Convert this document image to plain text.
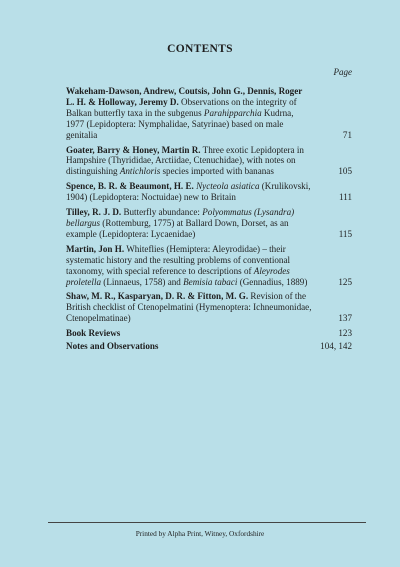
CONTENTS
Page
Wakeham-Dawson, Andrew, Coutsis, John G., Dennis, Roger L. H. & Holloway, Jeremy D. Observations on the integrity of Balkan butterfly taxa in the subgenus Parahipparchia Kudrna, 1977 (Lepidoptera: Nymphalidae, Satyrinae) based on male genitalia	71
Goater, Barry & Honey, Martin R. Three exotic Lepidoptera in Hampshire (Thyrididae, Arctiidae, Ctenuchidae), with notes on distinguishing Antichloris species imported with bananas	105
Spence, B. R. & Beaumont, H. E. Nycteola asiatica (Krulikovski, 1904) (Lepidoptera: Noctuidae) new to Britain	111
Tilley, R. J. D. Butterfly abundance: Polyommatus (Lysandra) bellargus (Rottemburg, 1775) at Ballard Down, Dorset, as an example (Lepidoptera: Lycaenidae)	115
Martin, Jon H. Whiteflies (Hemiptera: Aleyrodidae) – their systematic history and the resulting problems of conventional taxonomy, with special reference to descriptions of Aleyrodes proletella (Linnaeus, 1758) and Bemisia tabaci (Gennadius, 1889)	125
Shaw, M. R., Kasparyan, D. R. & Fitton, M. G. Revision of the British checklist of Ctenopelmatini (Hymenoptera: Ichneumonidae, Ctenopelmatinae)	137
Book Reviews	123
Notes and Observations	104, 142
Printed by Alpha Print, Witney, Oxfordshire
